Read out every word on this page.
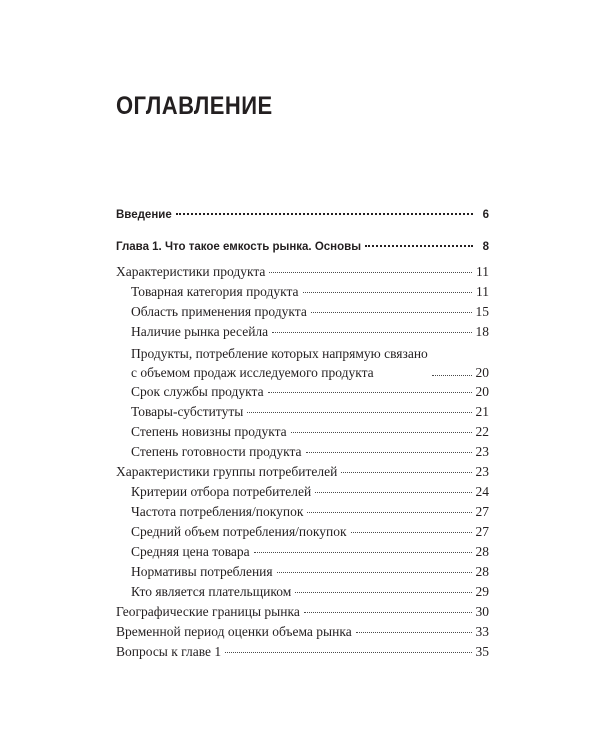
ОГЛАВЛЕНИЕ
Введение	6
Глава 1. Что такое емкость рынка. Основы	8
Характеристики продукта	11
Товарная категория продукта	11
Область применения продукта	15
Наличие рынка ресейла	18
Продукты, потребление которых напрямую связано
с объемом продаж исследуемого продукта	20
Срок службы продукта	20
Товары-субституты	21
Степень новизны продукта	22
Степень готовности продукта	23
Характеристики группы потребителей	23
Критерии отбора потребителей	24
Частота потребления/покупок	27
Средний объем потребления/покупок	27
Средняя цена товара	28
Нормативы потребления	28
Кто является плательщиком	29
Географические границы рынка	30
Временной период оценки объема рынка	33
Вопросы к главе 1	35
